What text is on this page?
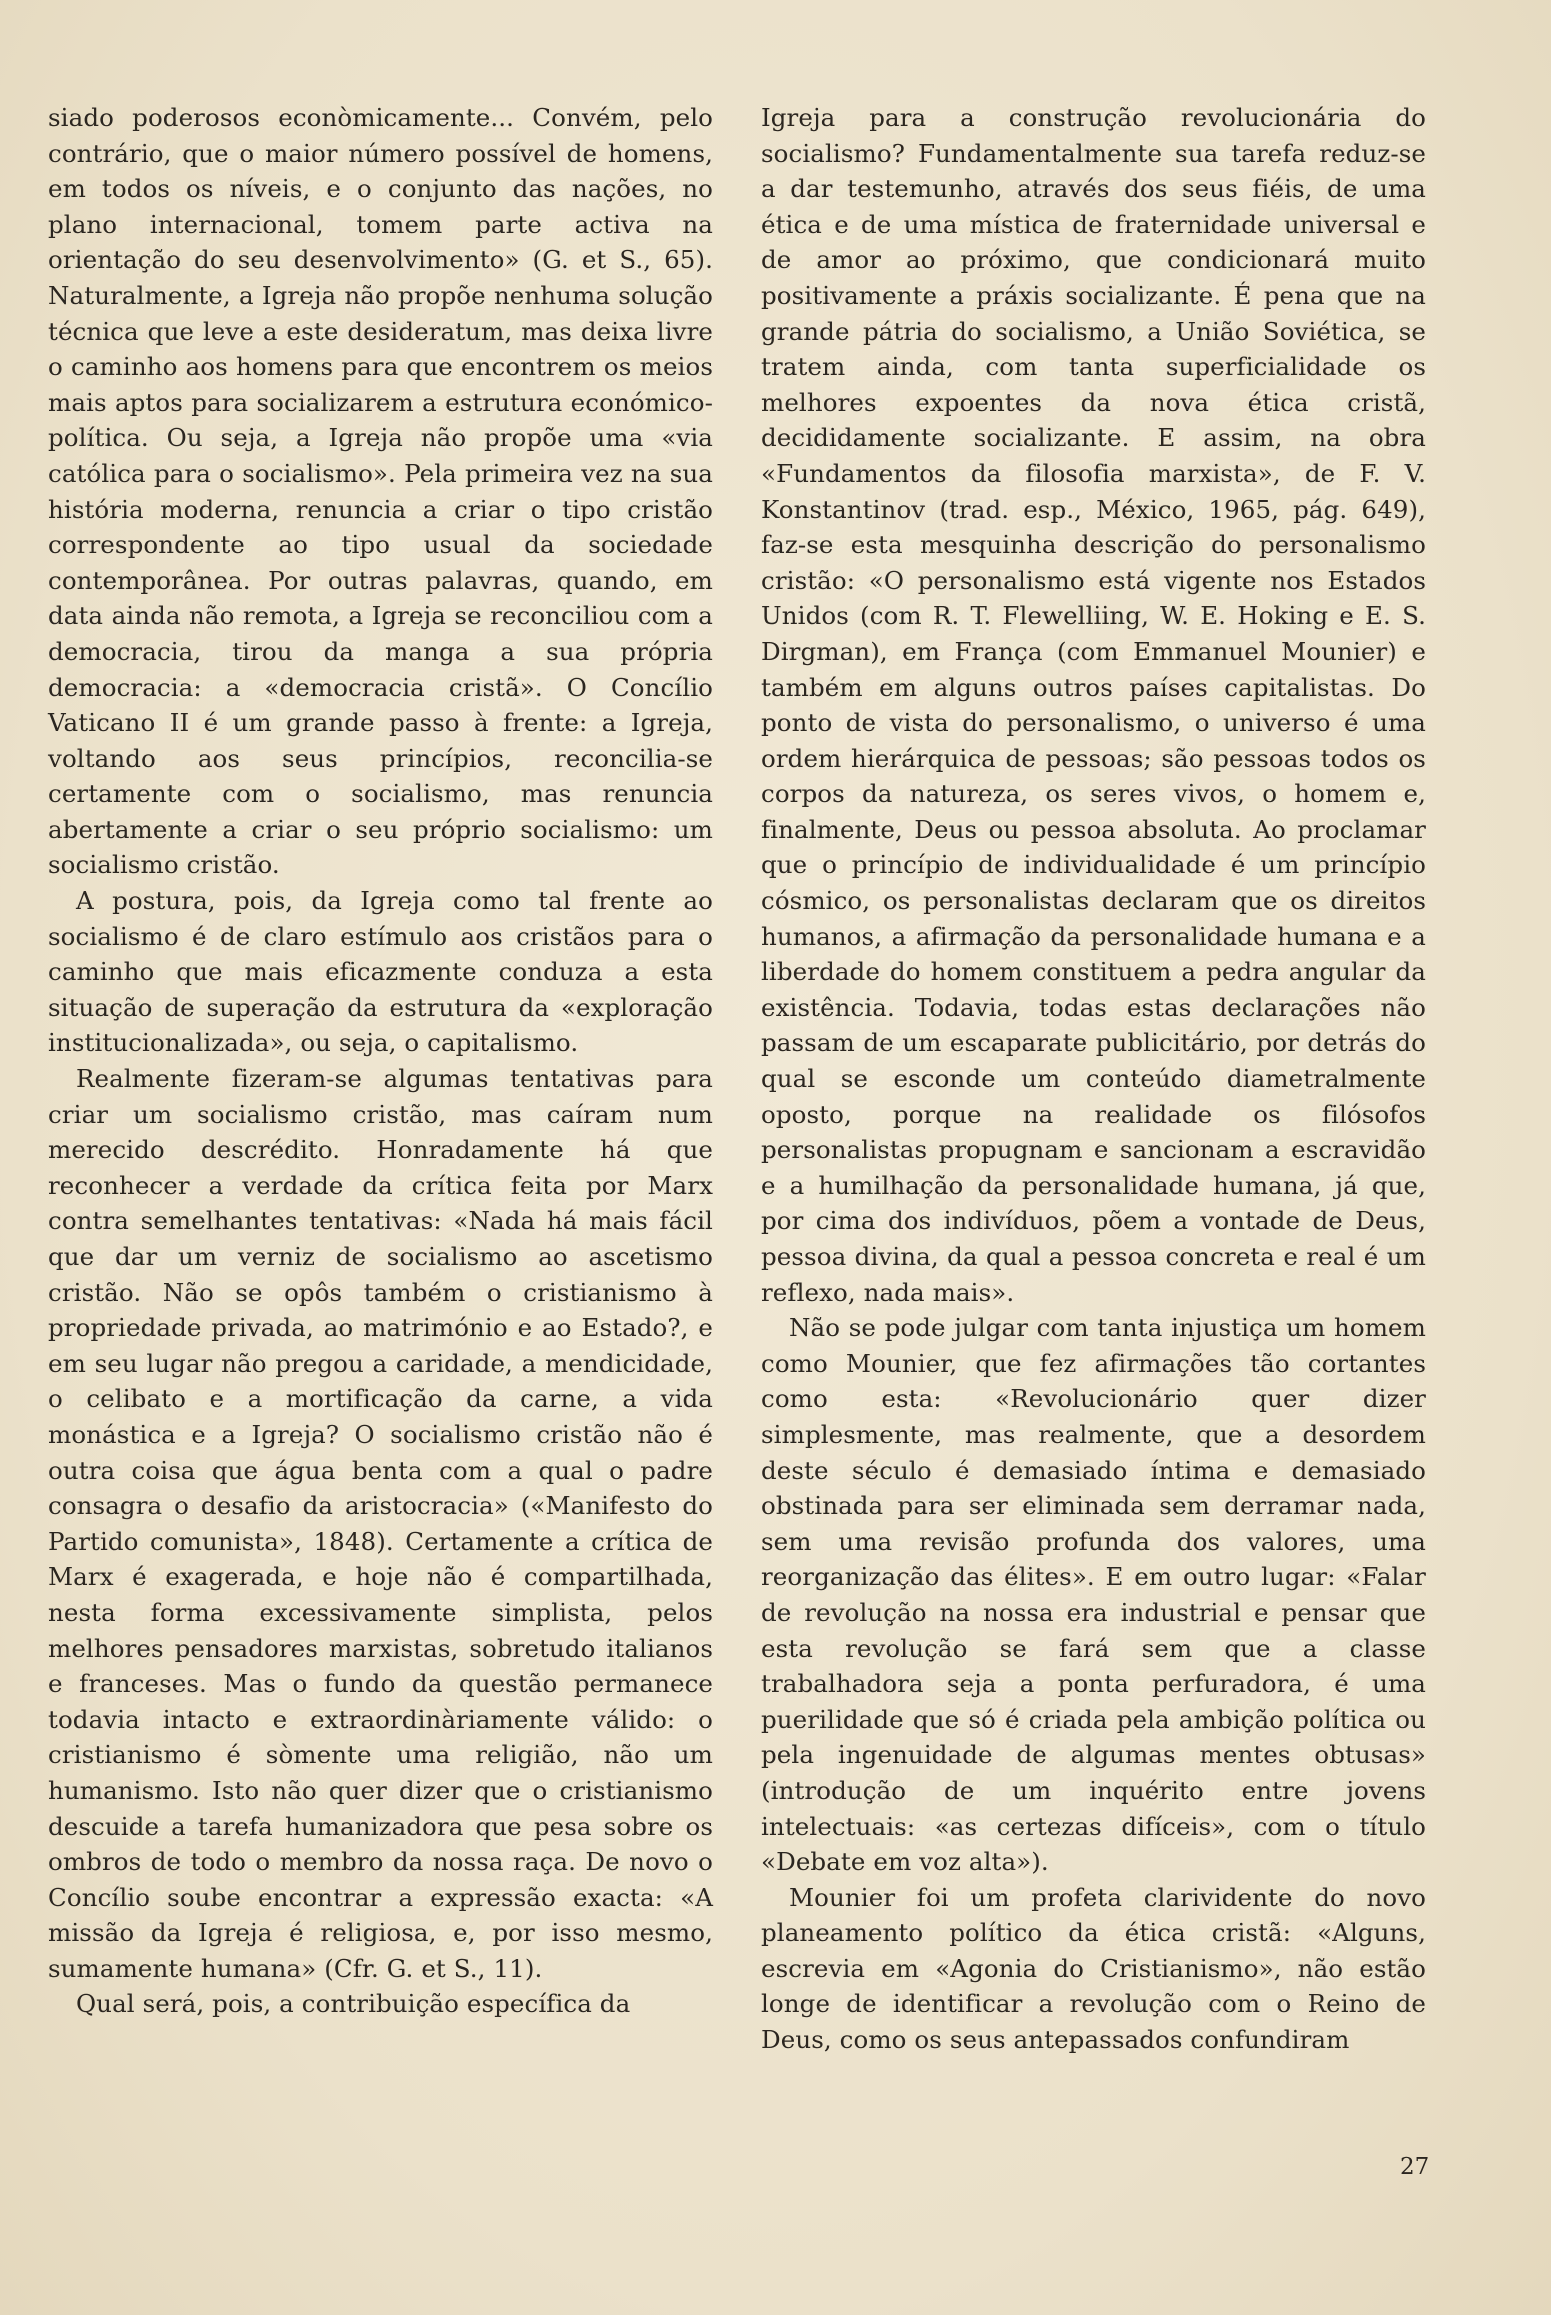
siado poderosos econòmicamente... Convém, pelo contrário, que o maior número possível de homens, em todos os níveis, e o conjunto das nações, no plano internacional, tomem parte activa na orientação do seu desenvolvimento» (G. et S., 65). Naturalmente, a Igreja não propõe nenhuma solução técnica que leve a este desideratum, mas deixa livre o caminho aos homens para que encontrem os meios mais aptos para socializarem a estrutura económico-política. Ou seja, a Igreja não propõe uma «via católica para o socialismo». Pela primeira vez na sua história moderna, renuncia a criar o tipo cristão correspondente ao tipo usual da sociedade contemporânea. Por outras palavras, quando, em data ainda não remota, a Igreja se reconciliou com a democracia, tirou da manga a sua própria democracia: a «democracia cristã». O Concílio Vaticano II é um grande passo à frente: a Igreja, voltando aos seus princípios, reconcilia-se certamente com o socialismo, mas renuncia abertamente a criar o seu próprio socialismo: um socialismo cristão.

A postura, pois, da Igreja como tal frente ao socialismo é de claro estímulo aos cristãos para o caminho que mais eficazmente conduza a esta situação de superação da estrutura da «exploração institucionalizada», ou seja, o capitalismo.

Realmente fizeram-se algumas tentativas para criar um socialismo cristão, mas caíram num merecido descrédito. Honradamente há que reconhecer a verdade da crítica feita por Marx contra semelhantes tentativas: «Nada há mais fácil que dar um verniz de socialismo ao ascetismo cristão. Não se opôs também o cristianismo à propriedade privada, ao matrimónio e ao Estado?, e em seu lugar não pregou a caridade, a mendicidade, o celibato e a mortificação da carne, a vida monástica e a Igreja? O socialismo cristão não é outra coisa que água benta com a qual o padre consagra o desafio da aristocracia» («Manifesto do Partido comunista», 1848). Certamente a crítica de Marx é exagerada, e hoje não é compartilhada, nesta forma excessivamente simplista, pelos melhores pensadores marxistas, sobretudo italianos e franceses. Mas o fundo da questão permanece todavia intacto e extraordinàriamente válido: o cristianismo é sòmente uma religião, não um humanismo. Isto não quer dizer que o cristianismo descuide a tarefa humanizadora que pesa sobre os ombros de todo o membro da nossa raça. De novo o Concílio soube encontrar a expressão exacta: «A missão da Igreja é religiosa, e, por isso mesmo, sumamente humana» (Cfr. G. et S., 11).

Qual será, pois, a contribuição específica da

Igreja para a construção revolucionária do socialismo? Fundamentalmente sua tarefa reduz-se a dar testemunho, através dos seus fiéis, de uma ética e de uma mística de fraternidade universal e de amor ao próximo, que condicionará muito positivamente a práxis socializante. É pena que na grande pátria do socialismo, a União Soviética, se tratem ainda, com tanta superficialidade os melhores expoentes da nova ética cristã, decididamente socializante. E assim, na obra «Fundamentos da filosofia marxista», de F. V. Konstantinov (trad. esp., México, 1965, pág. 649), faz-se esta mesquinha descrição do personalismo cristão: «O personalismo está vigente nos Estados Unidos (com R. T. Flewelliing, W. E. Hoking e E. S. Dirgman), em França (com Emmanuel Mounier) e também em alguns outros países capitalistas. Do ponto de vista do personalismo, o universo é uma ordem hierárquica de pessoas; são pessoas todos os corpos da natureza, os seres vivos, o homem e, finalmente, Deus ou pessoa absoluta. Ao proclamar que o princípio de individualidade é um princípio cósmico, os personalistas declaram que os direitos humanos, a afirmação da personalidade humana e a liberdade do homem constituem a pedra angular da existência. Todavia, todas estas declarações não passam de um escaparate publicitário, por detrás do qual se esconde um conteúdo diametralmente oposto, porque na realidade os filósofos personalistas propugnam e sancionam a escravidão e a humilhação da personalidade humana, já que, por cima dos indivíduos, põem a vontade de Deus, pessoa divina, da qual a pessoa concreta e real é um reflexo, nada mais».

Não se pode julgar com tanta injustiça um homem como Mounier, que fez afirmações tão cortantes como esta: «Revolucionário quer dizer simplesmente, mas realmente, que a desordem deste século é demasiado íntima e demasiado obstinada para ser eliminada sem derramar nada, sem uma revisão profunda dos valores, uma reorganização das élites». E em outro lugar: «Falar de revolução na nossa era industrial e pensar que esta revolução se fará sem que a classe trabalhadora seja a ponta perfuradora, é uma puerilidade que só é criada pela ambição política ou pela ingenuidade de algumas mentes obtusas» (introdução de um inquérito entre jovens intelectuais: «as certezas difíceis», com o título «Debate em voz alta»).

Mounier foi um profeta clarividente do novo planeamento político da ética cristã: «Alguns, escrevia em «Agonia do Cristianismo», não estão longe de identificar a revolução com o Reino de Deus, como os seus antepassados confundiram

27
